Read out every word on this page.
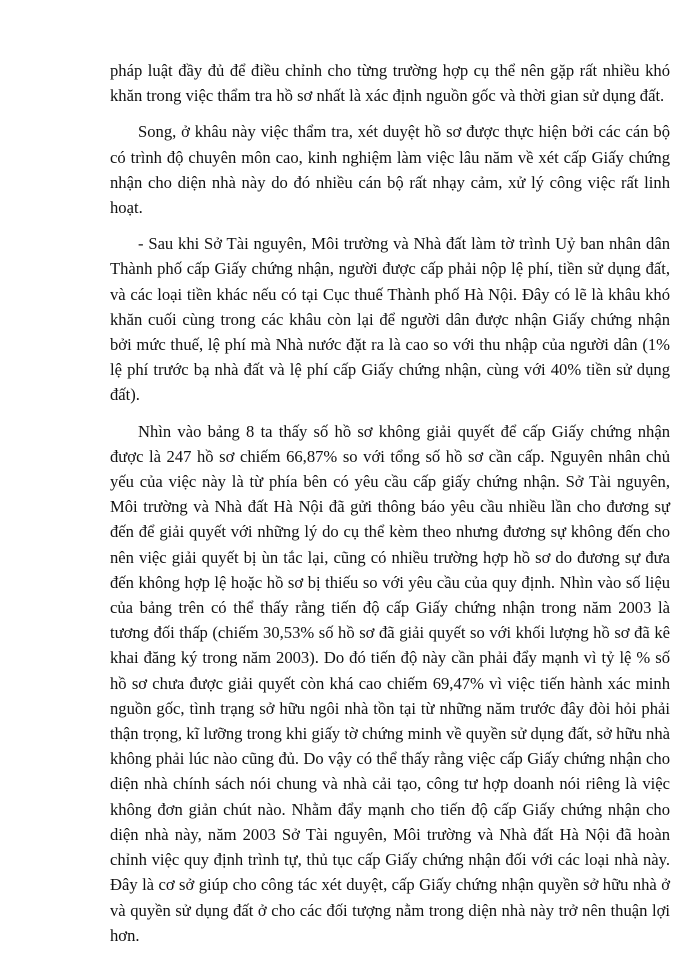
pháp luật đầy đủ để điều chỉnh cho từng trường hợp cụ thể nên gặp rất nhiều khó khăn trong việc thẩm tra hồ sơ nhất là xác định nguồn gốc và thời gian sử dụng đất.

Song, ở khâu này việc thẩm tra, xét duyệt hồ sơ được thực hiện bởi các cán bộ có trình độ chuyên môn cao, kinh nghiệm làm việc lâu năm về xét cấp Giấy chứng nhận cho diện nhà này do đó nhiều cán bộ rất nhạy cảm, xử lý công việc rất linh hoạt.

- Sau khi Sở Tài nguyên, Môi trường và Nhà đất làm tờ trình Uỷ ban nhân dân Thành phố cấp Giấy chứng nhận, người được cấp phải nộp lệ phí, tiền sử dụng đất, và các loại tiền khác nếu có tại Cục thuế Thành phố Hà Nội. Đây có lẽ là khâu khó khăn cuối cùng trong các khâu còn lại để người dân được nhận Giấy chứng nhận bởi mức thuế, lệ phí mà Nhà nước đặt ra là cao so với thu nhập của người dân (1% lệ phí trước bạ nhà đất và lệ phí cấp Giấy chứng nhận, cùng với 40% tiền sử dụng đất).

Nhìn vào bảng 8 ta thấy số hồ sơ không giải quyết để cấp Giấy chứng nhận được là 247 hồ sơ chiếm 66,87% so với tổng số hồ sơ cần cấp. Nguyên nhân chủ yếu của việc này là từ phía bên có yêu cầu cấp giấy chứng nhận. Sở Tài nguyên, Môi trường và Nhà đất Hà Nội đã gửi thông báo yêu cầu nhiều lần cho đương sự đến để giải quyết với những lý do cụ thể kèm theo nhưng đương sự không đến cho nên việc giải quyết bị ùn tắc lại, cũng có nhiều trường hợp hồ sơ do đương sự đưa đến không hợp lệ hoặc hồ sơ bị thiếu so với yêu cầu của quy định. Nhìn vào số liệu của bảng trên có thể thấy rằng tiến độ cấp Giấy chứng nhận trong năm 2003 là tương đối thấp (chiếm 30,53% số hồ sơ đã giải quyết so với khối lượng hồ sơ đã kê khai đăng ký trong năm 2003). Do đó tiến độ này cần phải đẩy mạnh vì tỷ lệ % số hồ sơ chưa được giải quyết còn khá cao chiếm 69,47% vì việc tiến hành xác minh nguồn gốc, tình trạng sở hữu ngôi nhà tồn tại từ những năm trước đây đòi hỏi phải thận trọng, kĩ lưỡng trong khi giấy tờ chứng minh về quyền sử dụng đất, sở hữu nhà không phải lúc nào cũng đủ. Do vậy có thể thấy rằng việc cấp Giấy chứng nhận cho diện nhà chính sách nói chung và nhà cải tạo, công tư hợp doanh nói riêng là việc không đơn giản chút nào. Nhằm đẩy mạnh cho tiến độ cấp Giấy chứng nhận cho diện nhà này, năm 2003 Sở Tài nguyên, Môi trường và Nhà đất Hà Nội đã hoàn chỉnh việc quy định trình tự, thủ tục cấp Giấy chứng nhận đối với các loại nhà này. Đây là cơ sở giúp cho công tác xét duyệt, cấp Giấy chứng nhận quyền sở hữu nhà ở và quyền sử dụng đất ở cho các đối tượng nằm trong diện nhà này trở nên thuận lợi hơn.
